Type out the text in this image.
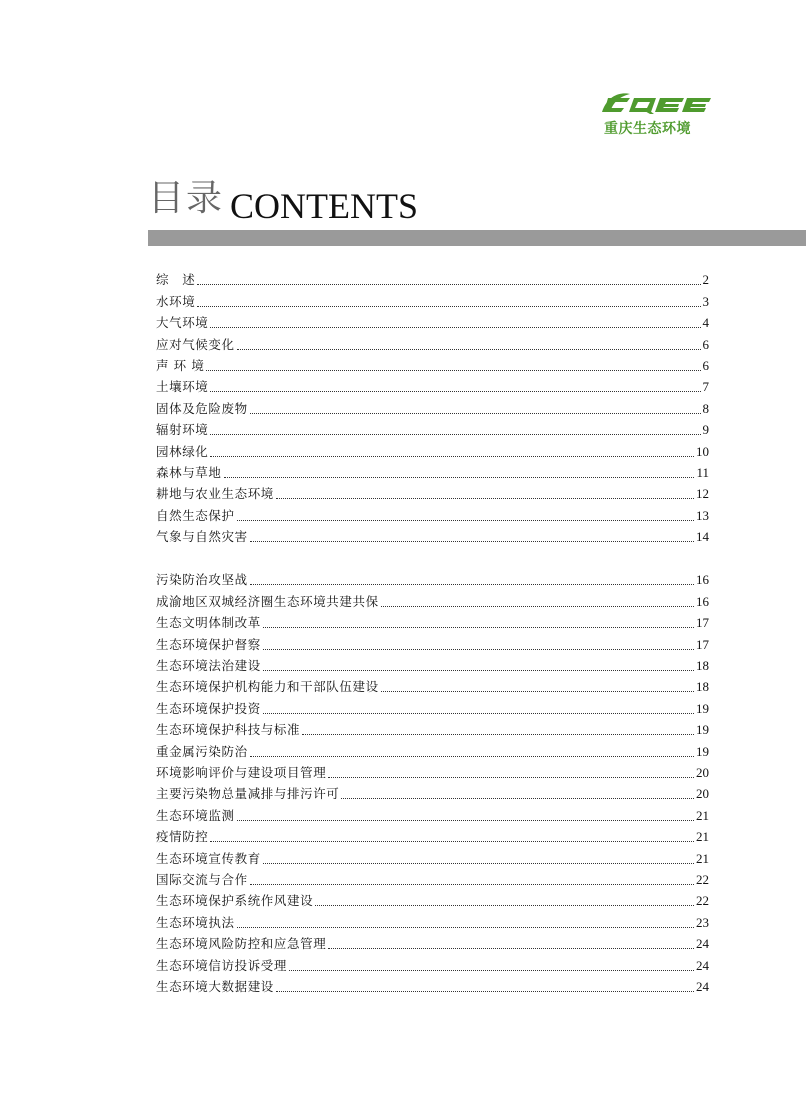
重庆生态环境
目录 CONTENTS
综　述	2
水环境	3
大气环境	4
应对气候变化	6
声 环 境	6
土壤环境	7
固体及危险废物	8
辐射环境	9
园林绿化	10
森林与草地	11
耕地与农业生态环境	12
自然生态保护	13
气象与自然灾害	14
污染防治攻坚战	16
成渝地区双城经济圈生态环境共建共保	16
生态文明体制改革	17
生态环境保护督察	17
生态环境法治建设	18
生态环境保护机构能力和干部队伍建设	18
生态环境保护投资	19
生态环境保护科技与标准	19
重金属污染防治	19
环境影响评价与建设项目管理	20
主要污染物总量减排与排污许可	20
生态环境监测	21
疫情防控	21
生态环境宣传教育	21
国际交流与合作	22
生态环境保护系统作风建设	22
生态环境执法	23
生态环境风险防控和应急管理	24
生态环境信访投诉受理	24
生态环境大数据建设	24
